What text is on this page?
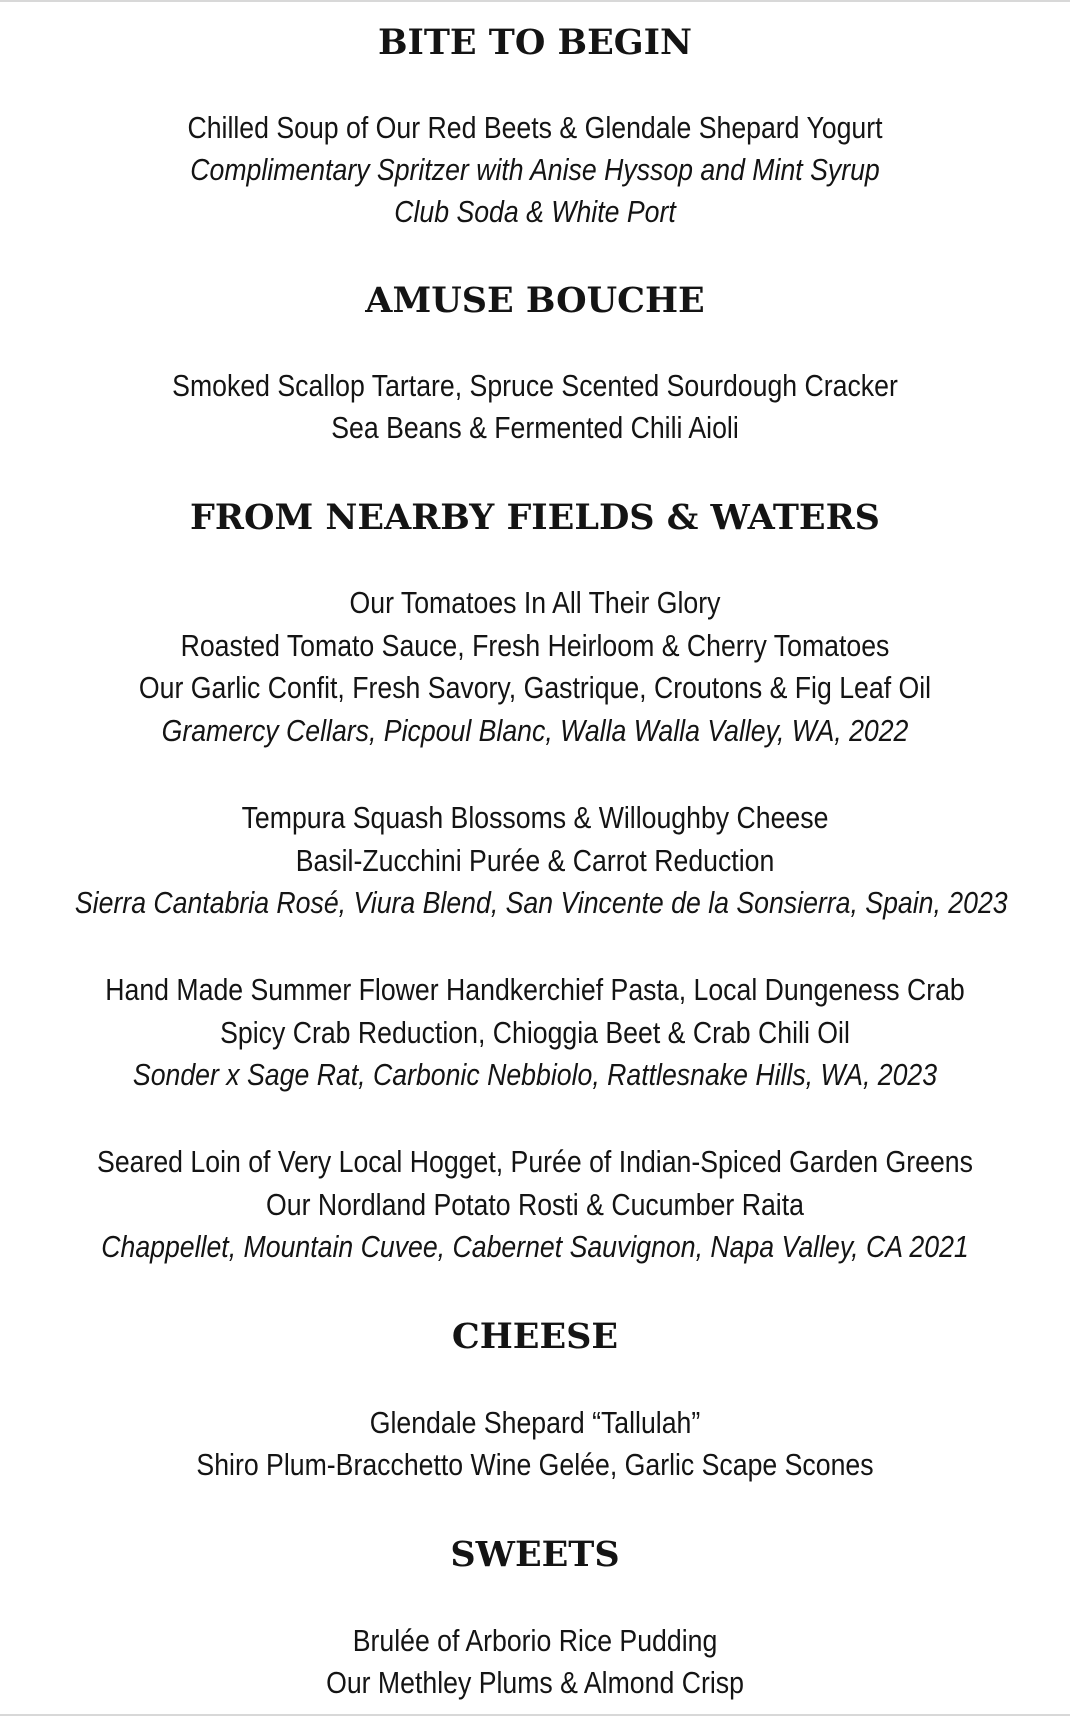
BITE TO BEGIN
Chilled Soup of Our Red Beets & Glendale Shepard Yogurt
Complimentary Spritzer with Anise Hyssop and Mint Syrup
Club Soda & White Port
AMUSE BOUCHE
Smoked Scallop Tartare, Spruce Scented Sourdough Cracker
Sea Beans & Fermented Chili Aioli
FROM NEARBY FIELDS & WATERS
Our Tomatoes In All Their Glory
Roasted Tomato Sauce, Fresh Heirloom & Cherry Tomatoes
Our Garlic Confit, Fresh Savory, Gastrique, Croutons & Fig Leaf Oil
Gramercy Cellars, Picpoul Blanc, Walla Walla Valley, WA, 2022
Tempura Squash Blossoms & Willoughby Cheese
Basil-Zucchini Purée & Carrot Reduction
Sierra Cantabria Rosé, Viura Blend, San Vincente de la Sonsierra, Spain, 2023
Hand Made Summer Flower Handkerchief Pasta, Local Dungeness Crab
Spicy Crab Reduction, Chioggia Beet & Crab Chili Oil
Sonder x Sage Rat, Carbonic Nebbiolo, Rattlesnake Hills, WA, 2023
Seared Loin of Very Local Hogget, Purée of Indian-Spiced Garden Greens
Our Nordland Potato Rosti & Cucumber Raita
Chappellet, Mountain Cuvee, Cabernet Sauvignon, Napa Valley, CA 2021
CHEESE
Glendale Shepard “Tallulah”
Shiro Plum-Bracchetto Wine Gelée, Garlic Scape Scones
SWEETS
Brulée of Arborio Rice Pudding
Our Methley Plums & Almond Crisp
